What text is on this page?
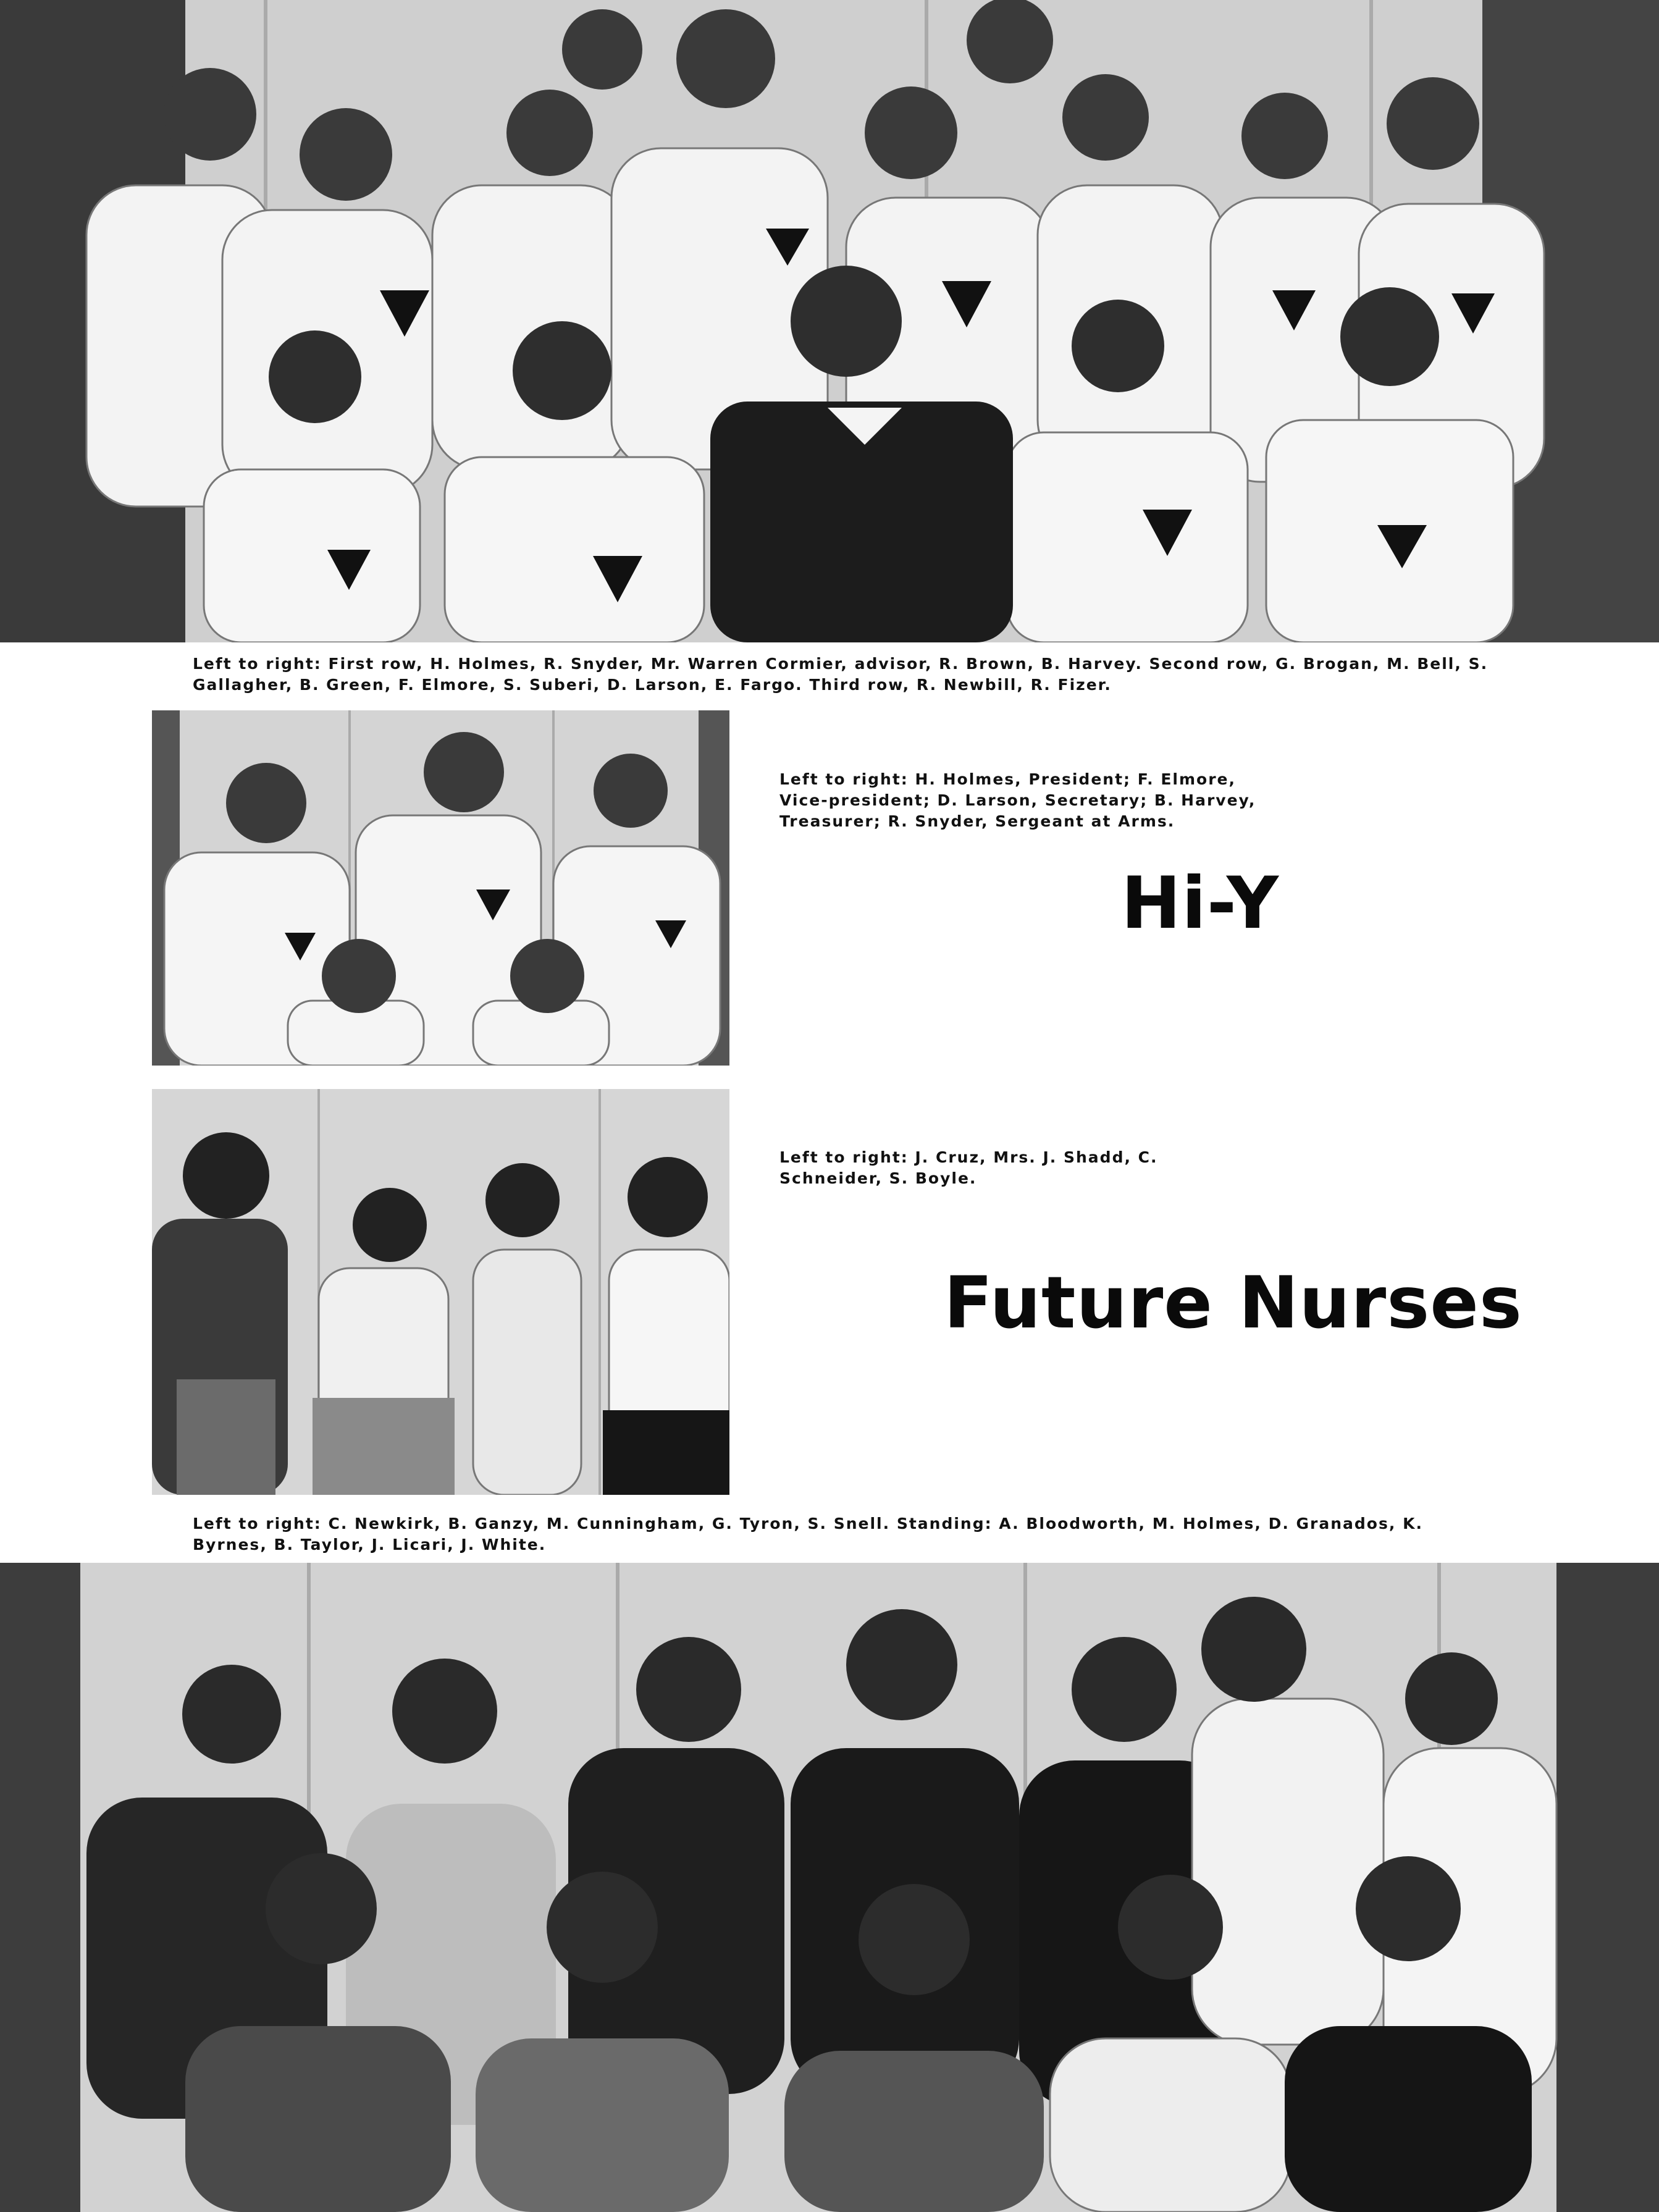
Left to right: First row, H. Holmes, R. Snyder, Mr. Warren Cormier, advisor, R. Brown, B. Harvey. Second row, G. Brogan, M. Bell, S. Gallagher, B. Green, F. Elmore, S. Suberi, D. Larson, E. Fargo. Third row, R. Newbill, R. Fizer.
Left to right: H. Holmes, President; F. Elmore, Vice-president; D. Larson, Secretary; B. Harvey, Treasurer; R. Snyder, Sergeant at Arms.
Hi-Y
Left to right: J. Cruz, Mrs. J. Shadd, C. Schneider, S. Boyle.
Future Nurses
Left to right: C. Newkirk, B. Ganzy, M. Cunningham, G. Tyron, S. Snell. Standing: A. Bloodworth, M. Holmes, D. Granados, K. Byrnes, B. Taylor, J. Licari, J. White.
